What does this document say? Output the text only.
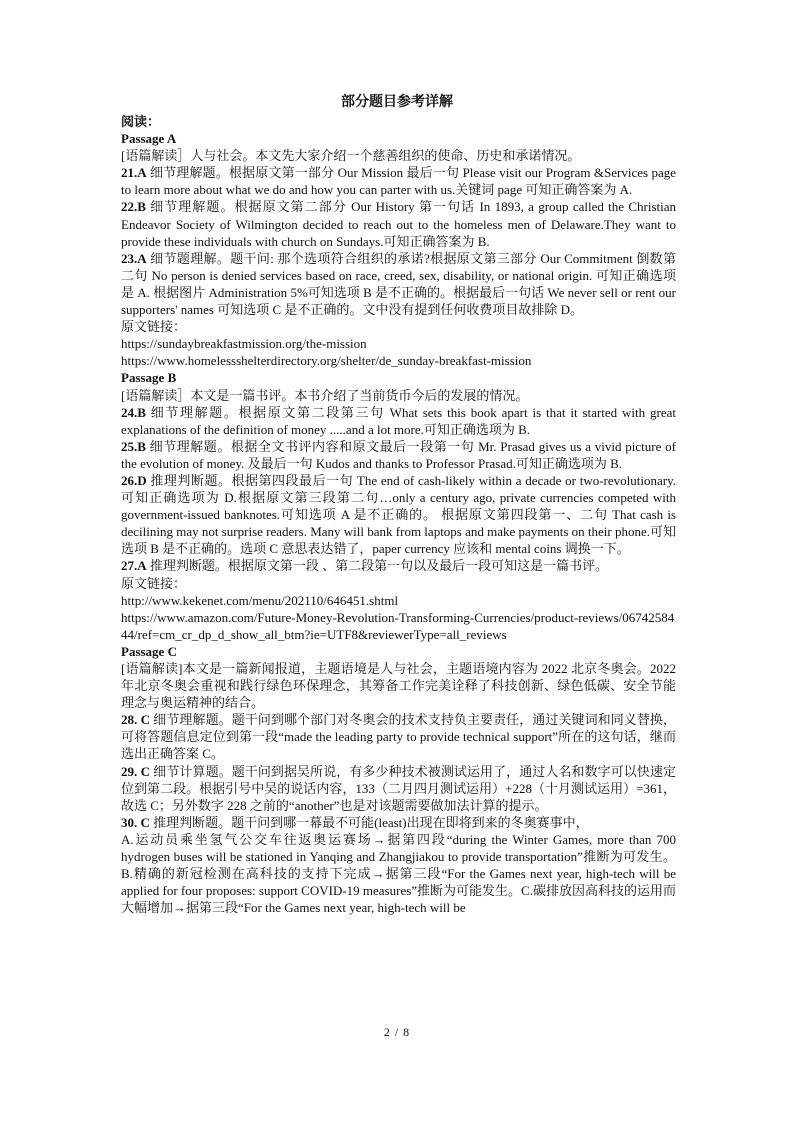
部分题目参考详解

阅读：

Passage A

[语篇解读］人与社会。本文先大家介绍一个慈善组织的使命、历史和承诺情况。

21.A 细节理解题。根据原文第一部分 Our Mission 最后一句 Please visit our Program &Services page to learn more about what we do and how you can parter with us.关键词 page 可知正确答案为 A.

22.B 细节理解题。根据原文第二部分 Our History 第一句话 In 1893, a group called the Christian Endeavor Society of Wilmington decided to reach out to the homeless men of Delaware.They want to provide these individuals with church on Sundays.可知正确答案为 B.

23.A 细节题理解。题干问: 那个选项符合组织的承诺?根据原文第三部分 Our Commitment 倒数第二句 No person is denied services based on race, creed, sex, disability, or national origin. 可知正确选项是 A. 根据图片 Administration 5%可知选项 B 是不正确的。根据最后一句话 We never sell or rent our supporters' names 可知选项 C 是不正确的。文中没有提到任何收费项目故排除 D。

原文链接：

https://sundaybreakfastmission.org/the-mission

https://www.homelessshelterdirectory.org/shelter/de_sunday-breakfast-mission

Passage B

[语篇解读］本文是一篇书评。本书介绍了当前货币今后的发展的情况。

24.B 细节理解题。根据原文第二段第三句 What sets this book apart is that it started with great explanations of the definition of money .....and a lot more.可知正确选项为 B.

25.B 细节理解题。根据全文书评内容和原文最后一段第一句 Mr. Prasad gives us a vivid picture of the evolution of money. 及最后一句 Kudos and thanks to Professor Prasad.可知正确选项为 B.

26.D 推理判断题。根据第四段最后一句 The end of cash-likely within a decade or two-revolutionary.可知正确选项为 D.根据原文第三段第二句…only a century ago, private currencies competed with government-issued banknotes.可知选项 A 是不正确的。 根据原文第四段第一、二句 That cash is decilining may not surprise readers. Many will bank from laptops and make payments on their phone.可知选项 B 是不正确的。选项 C 意思表达错了，paper currency 应该和 mental coins 调换一下。

27.A 推理判断题。根据原文第一段 、第二段第一句以及最后一段可知这是一篇书评。

原文链接：

http://www.kekenet.com/menu/202110/646451.shtml

https://www.amazon.com/Future-Money-Revolution-Transforming-Currencies/product-reviews/0674258444/ref=cm_cr_dp_d_show_all_btm?ie=UTF8&reviewerType=all_reviews

Passage C

[语篇解读]本文是一篇新闻报道，主题语境是人与社会，主题语境内容为 2022 北京冬奥会。2022 年北京冬奥会重视和践行绿色环保理念，其筹备工作完美诠释了科技创新、绿色低碳、安全节能理念与奥运精神的结合。

28. C 细节理解题。题干问到哪个部门对冬奥会的技术支持负主要责任，通过关键词和同义替换，可将答题信息定位到第一段“made the leading party to provide technical support”所在的这句话，继而选出正确答案 C。

29. C 细节计算题。题干问到据吴所说，有多少种技术被测试运用了，通过人名和数字可以快速定位到第二段。根据引号中吴的说话内容，133（二月四月测试运用）+228（十月测试运用）=361，故选 C；另外数字 228 之前的“another”也是对该题需要做加法计算的提示。

30. C 推理判断题。题干问到哪一幕最不可能(least)出现在即将到来的冬奥赛事中，

A.运动员乘坐氢气公交车往返奥运赛场→据第四段“during the Winter Games, more than 700 hydrogen buses will be stationed in Yanqing and Zhangjiakou to provide transportation”推断为可发生。B.精确的新冠检测在高科技的支持下完成→据第三段“For the Games next year, high-tech will be applied for four proposes: support COVID-19 measures”推断为可能发生。C.碳排放因高科技的运用而大幅增加→据第三段“For the Games next year, high-tech will be

2 / 8
